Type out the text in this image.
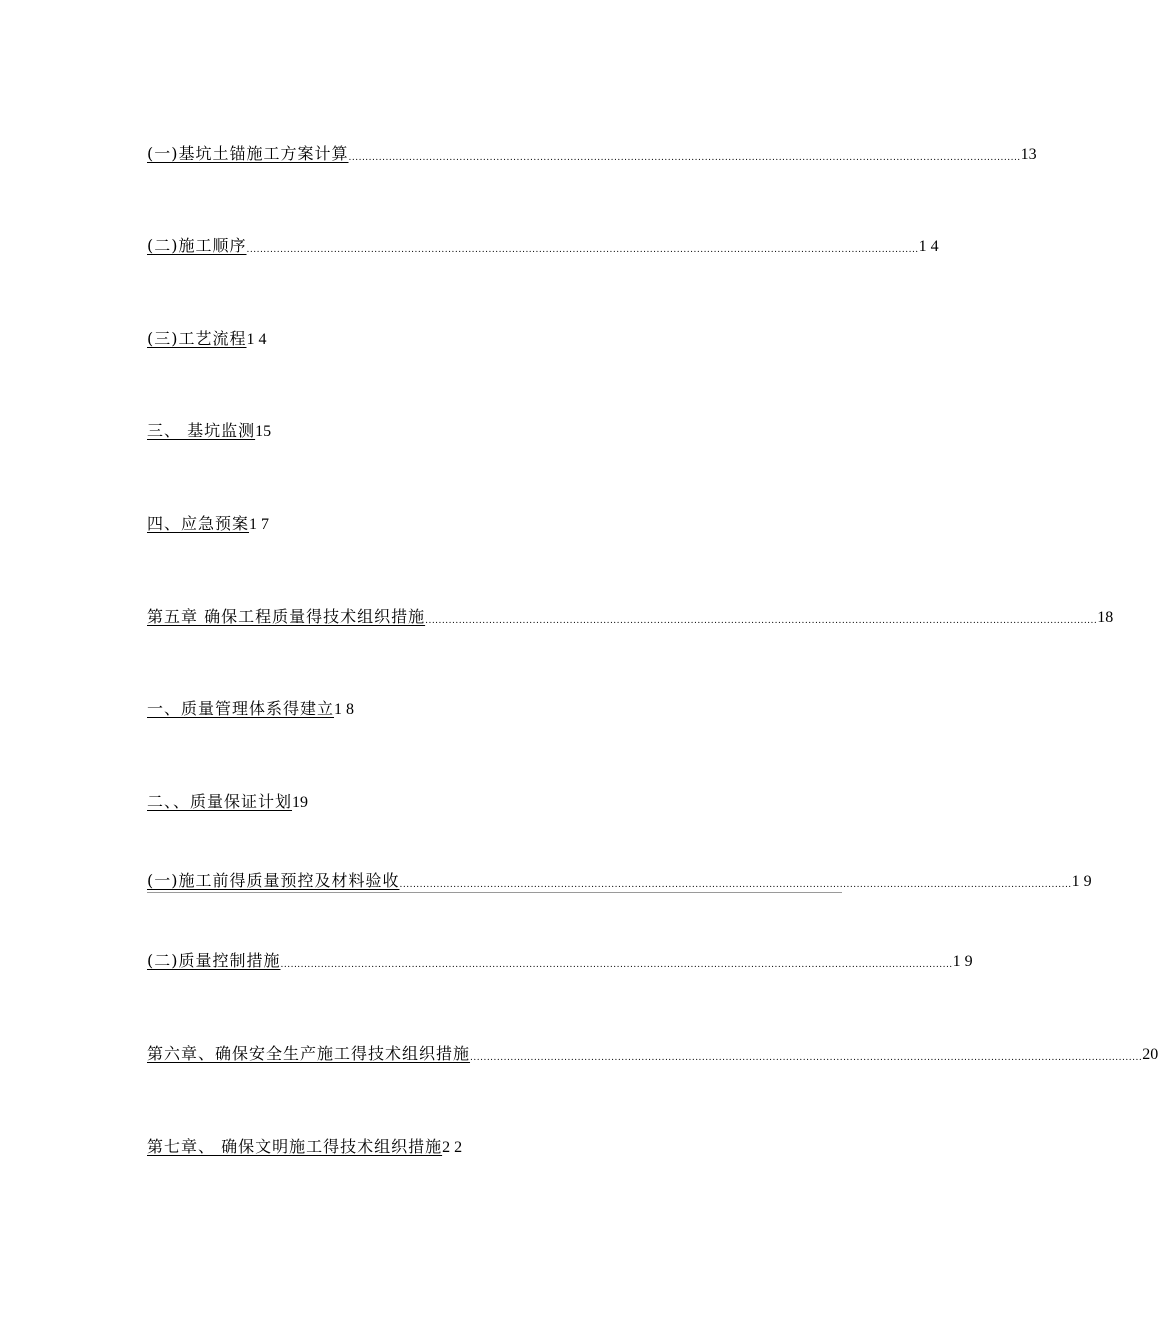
(一)基坑土锚施工方案计算 ........................................................................................................................................................................................................ 13
(二)施工顺序 ........................................................................................................................................................................................................ 1 4
(三)工艺流程 1 4
三、 基坑监测 15
四、应急预案 1 7
第五章 确保工程质量得技术组织措施 ........................................................................................................................................................................................................ 18
一、质量管理体系得建立 1 8
二、、质量保证计划 19
(一)施工前得质量预控及材料验收 ........................................................................................................................................................................................................ 1 9
(二)质量控制措施 ........................................................................................................................................................................................................ 1 9
第六章、确保安全生产施工得技术组织措施 ........................................................................................................................................................................................................ 20
第七章、 确保文明施工得技术组织措施 2 2
